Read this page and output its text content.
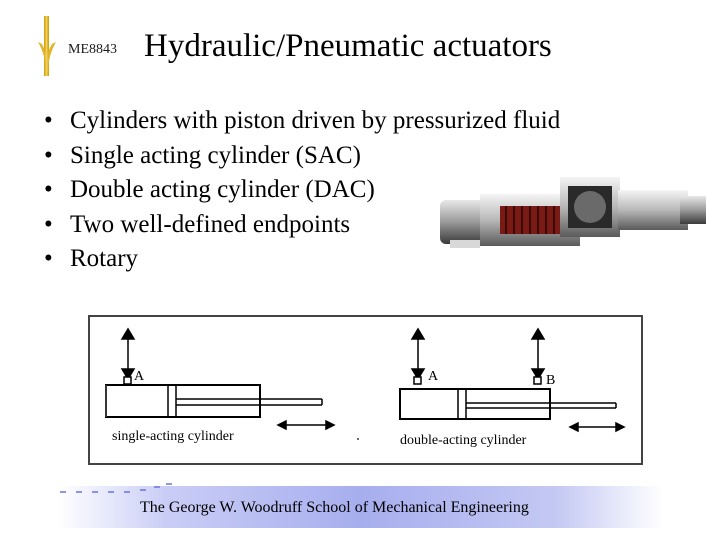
ME8843 Hydraulic/Pneumatic actuators
• Cylinders with piston driven by pressurized fluid
• Single acting cylinder (SAC)
• Double acting cylinder (DAC)
• Two well-defined endpoints
• Rotary
A
single-acting cylinder
A	B
double-acting cylinder
The George W. Woodruff School of Mechanical Engineering
